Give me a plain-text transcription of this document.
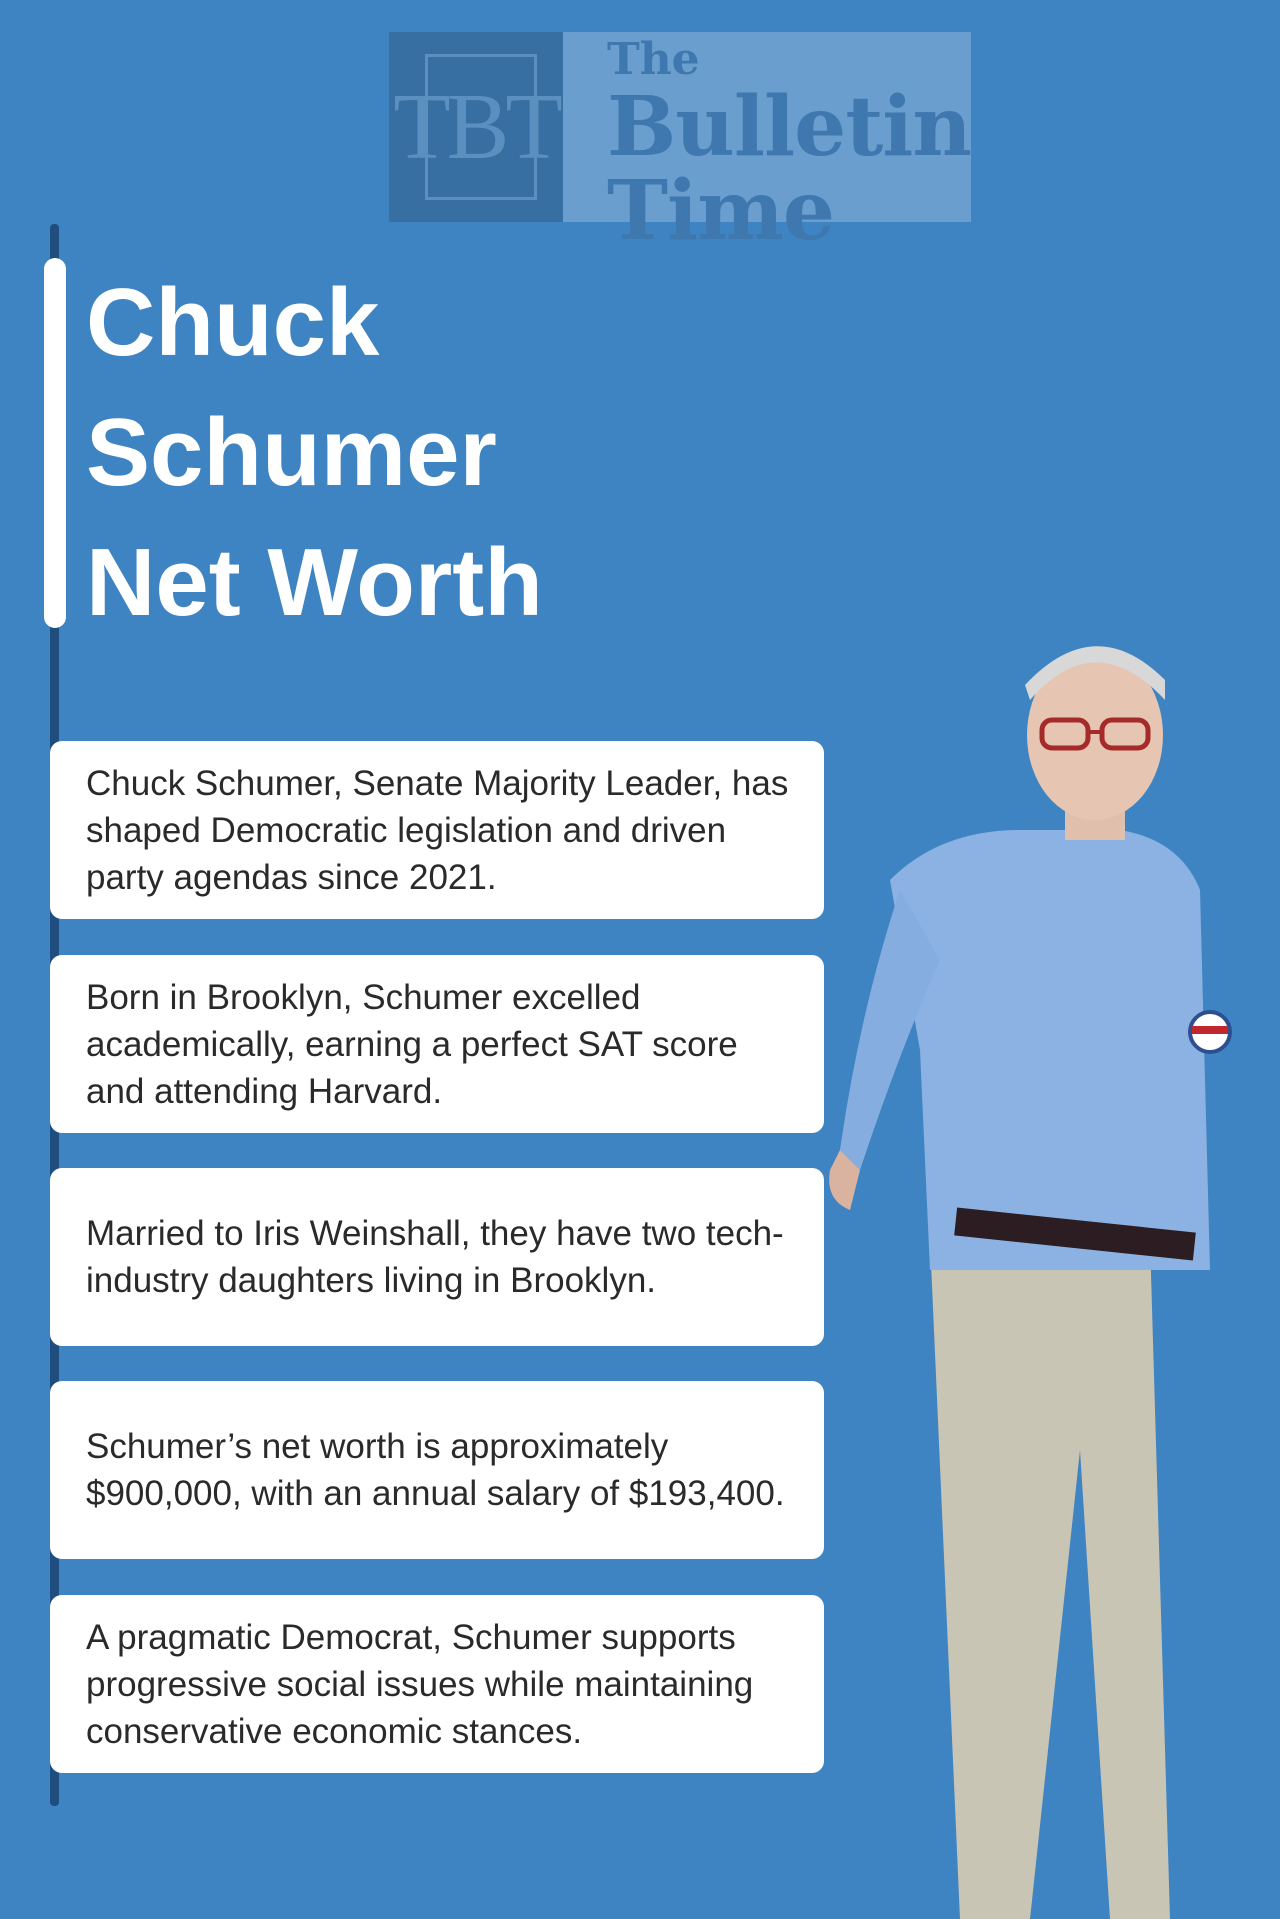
TBT
The
Bulletin
Time
Chuck Schumer Net Worth

Chuck Schumer, Senate Majority Leader, has shaped Democratic legislation and driven party agendas since 2021.

Born in Brooklyn, Schumer excelled academically, earning a perfect SAT score and attending Harvard.

Married to Iris Weinshall, they have two tech-industry daughters living in Brooklyn.

Schumer’s net worth is approximately $900,000, with an annual salary of $193,400.

A pragmatic Democrat, Schumer supports progressive social issues while maintaining conservative economic stances.
